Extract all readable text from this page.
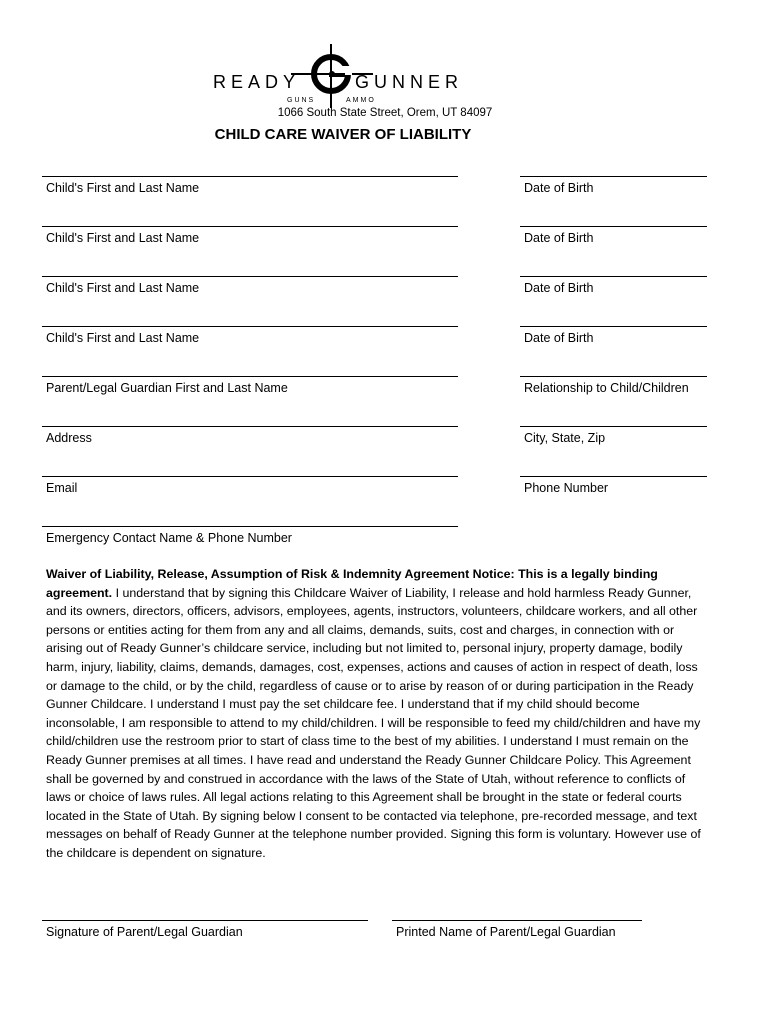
READY	GUNNER
GUNS	AMMO
1066 South State Street, Orem, UT 84097
CHILD CARE WAIVER OF LIABILITY
Child's First and Last Name	Date of Birth
Child's First and Last Name	Date of Birth
Child's First and Last Name	Date of Birth
Child's First and Last Name	Date of Birth
Parent/Legal Guardian First and Last Name	Relationship to Child/Children
Address	City, State, Zip
Email	Phone Number
Emergency Contact Name & Phone Number
Waiver of Liability, Release, Assumption of Risk & Indemnity Agreement Notice: This is a legally binding agreement. I understand that by signing this Childcare Waiver of Liability, I release and hold harmless Ready Gunner, and its owners, directors, officers, advisors, employees, agents, instructors, volunteers, childcare workers, and all other persons or entities acting for them from any and all claims, demands, suits, cost and charges, in connection with or arising out of Ready Gunner’s childcare service, including but not limited to, personal injury, property damage, bodily harm, injury, liability, claims, demands, damages, cost, expenses, actions and causes of action in respect of death, loss or damage to the child, or by the child, regardless of cause or to arise by reason of or during participation in the Ready Gunner Childcare. I understand I must pay the set childcare fee. I understand that if my child should become inconsolable, I am responsible to attend to my child/children. I will be responsible to feed my child/children and have my child/children use the restroom prior to start of class time to the best of my abilities. I understand I must remain on the Ready Gunner premises at all times. I have read and understand the Ready Gunner Childcare Policy. This Agreement shall be governed by and construed in accordance with the laws of the State of Utah, without reference to conflicts of laws or choice of laws rules. All legal actions relating to this Agreement shall be brought in the state or federal courts located in the State of Utah. By signing below I consent to be contacted via telephone, pre-recorded message, and text messages on behalf of Ready Gunner at the telephone number provided. Signing this form is voluntary. However use of the childcare is dependent on signature.
Signature of Parent/Legal Guardian	Printed Name of Parent/Legal Guardian
